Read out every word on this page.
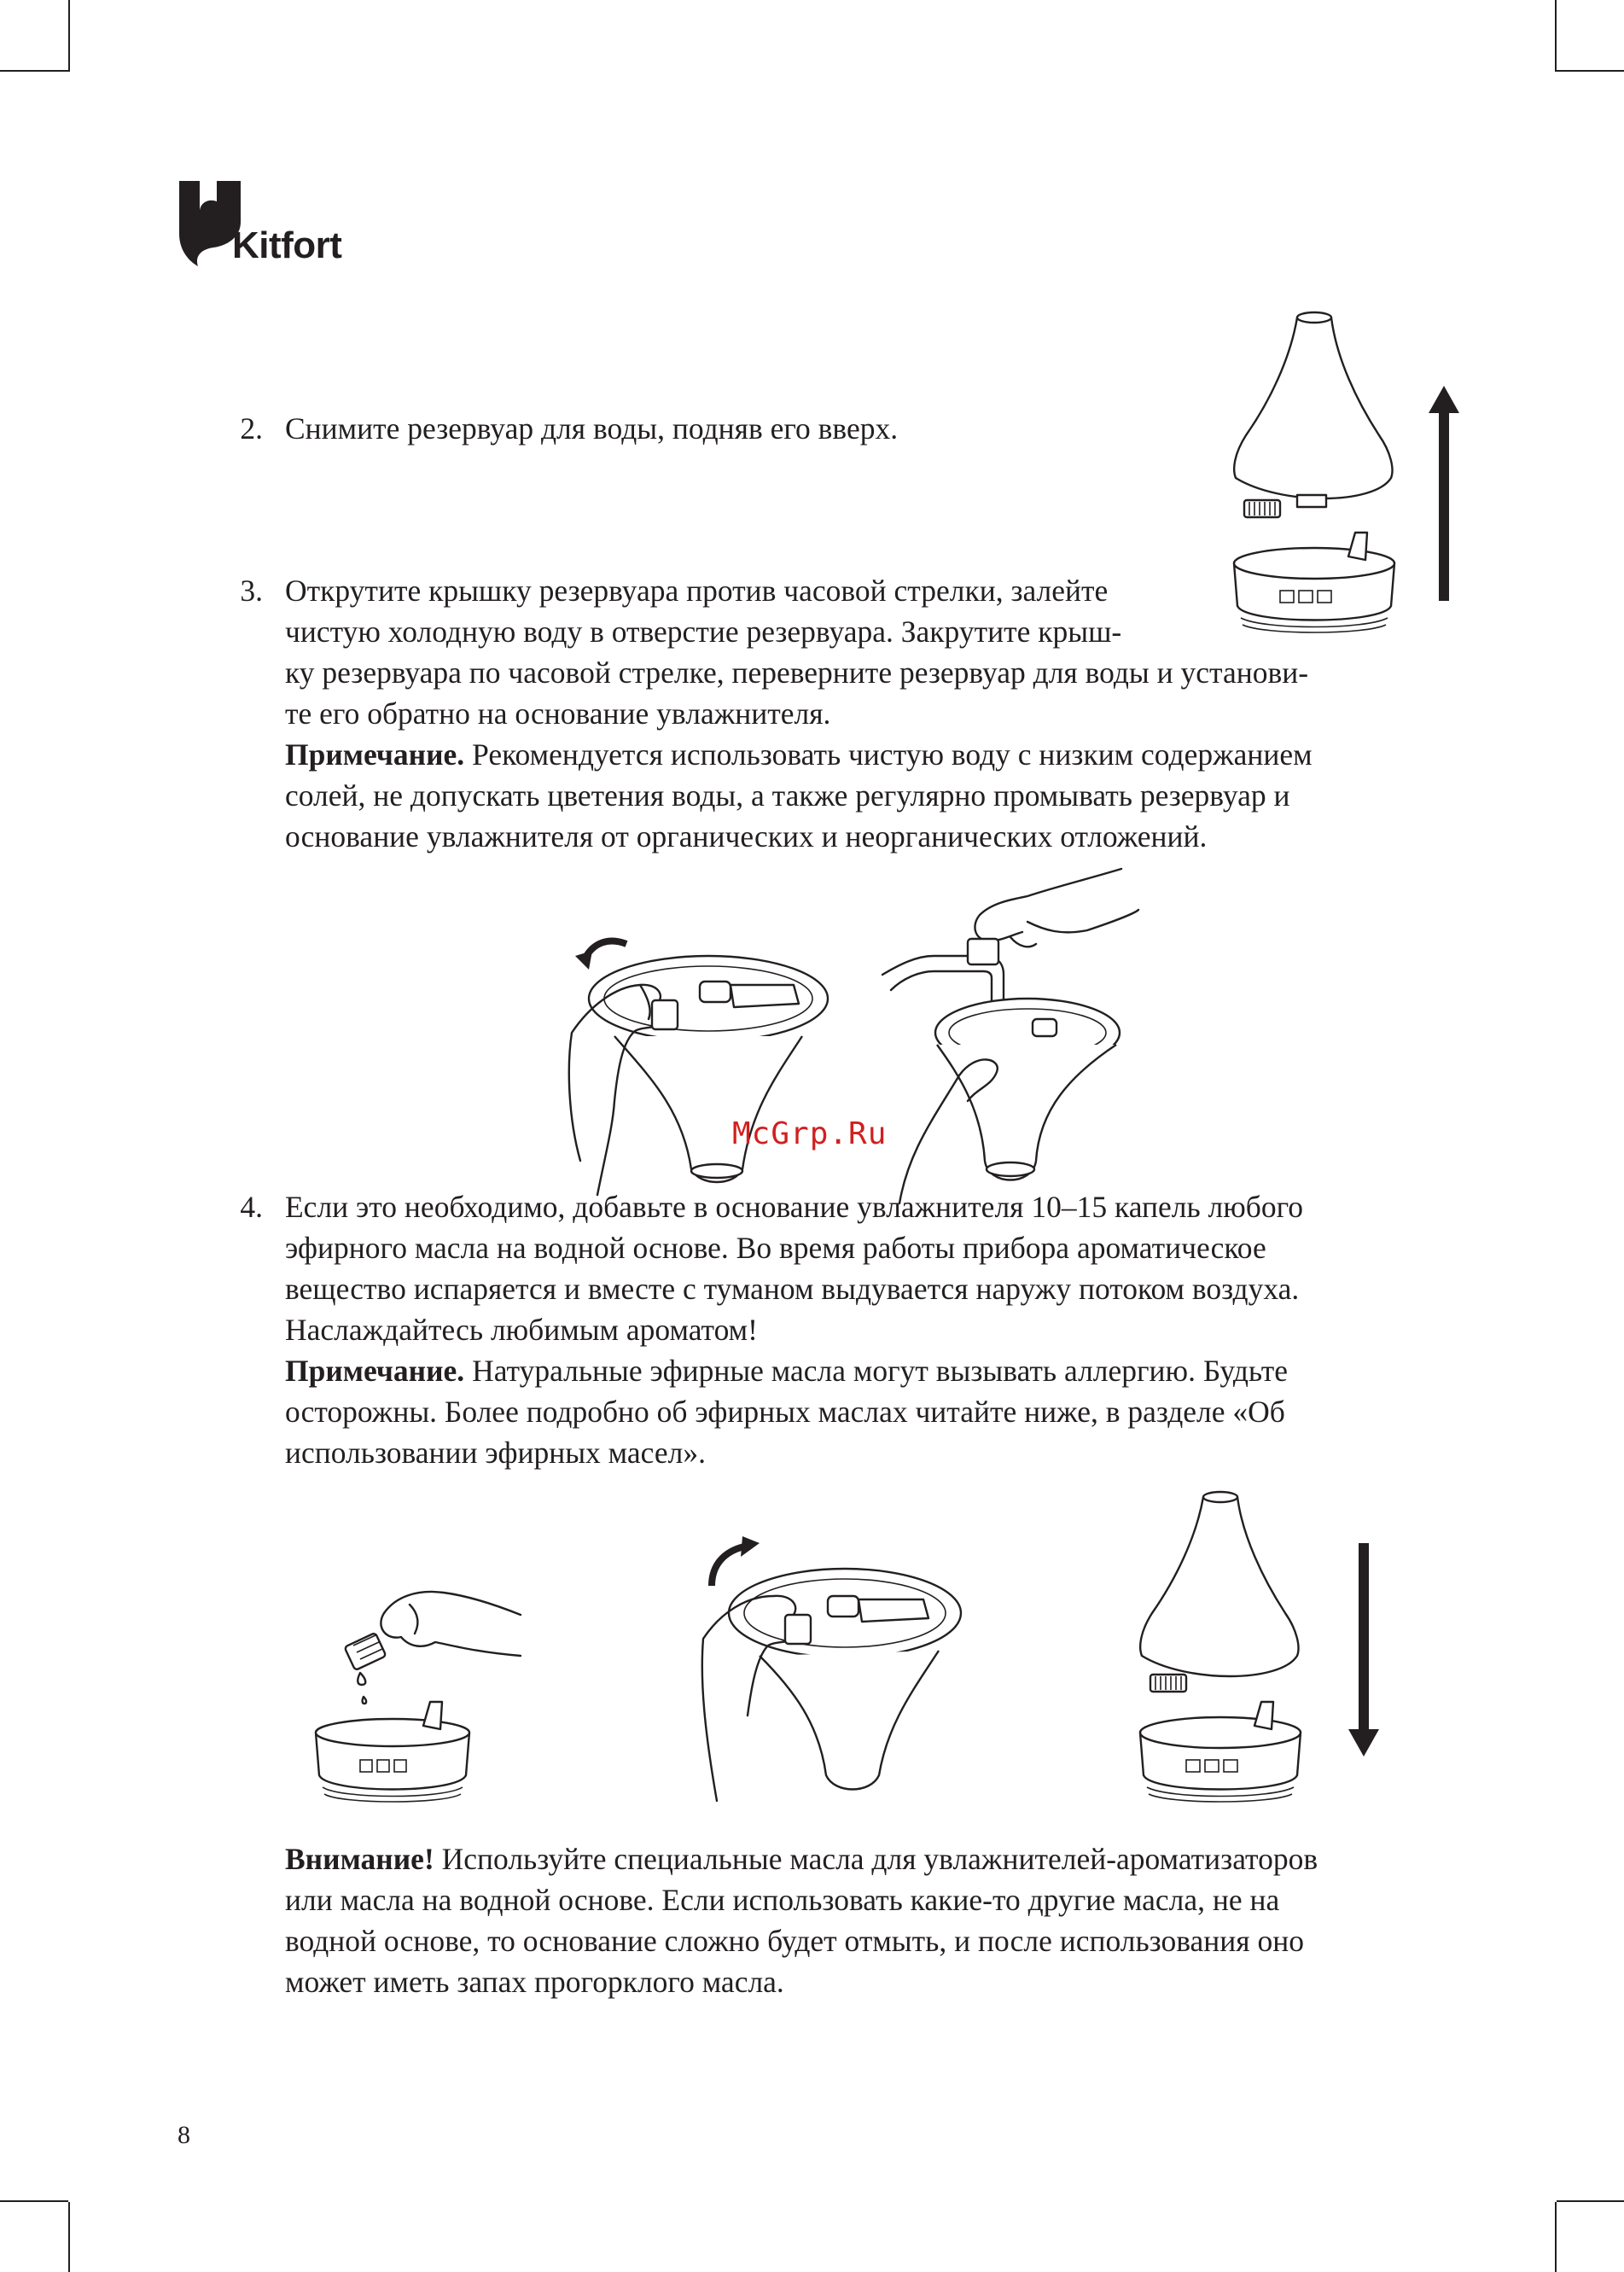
Kitfort
2. Снимите резервуар для воды, подняв его вверх.
3. Открутите крышку резервуара против часовой стрелки, залейте
чистую холодную воду в отверстие резервуара. Закрутите крыш-
ку резервуара по часовой стрелке, переверните резервуар для воды и установи-
те его обратно на основание увлажнителя.
Примечание. Рекомендуется использовать чистую воду с низким содержанием
солей, не допускать цветения воды, а также регулярно промывать резервуар и
основание увлажнителя от органических и неорганических отложений.
McGrp.Ru
4. Если это необходимо, добавьте в основание увлажнителя 10–15 капель любого
эфирного масла на водной основе. Во время работы прибора ароматическое
вещество испаряется и вместе с туманом выдувается наружу потоком воздуха.
Наслаждайтесь любимым ароматом!
Примечание. Натуральные эфирные масла могут вызывать аллергию. Будьте
осторожны. Более подробно об эфирных маслах читайте ниже, в разделе «Об
использовании эфирных масел».
Внимание! Используйте специальные масла для увлажнителей-ароматизаторов
или масла на водной основе. Если использовать какие-то другие масла, не на
водной основе, то основание сложно будет отмыть, и после использования оно
может иметь запах прогорклого масла.
8
